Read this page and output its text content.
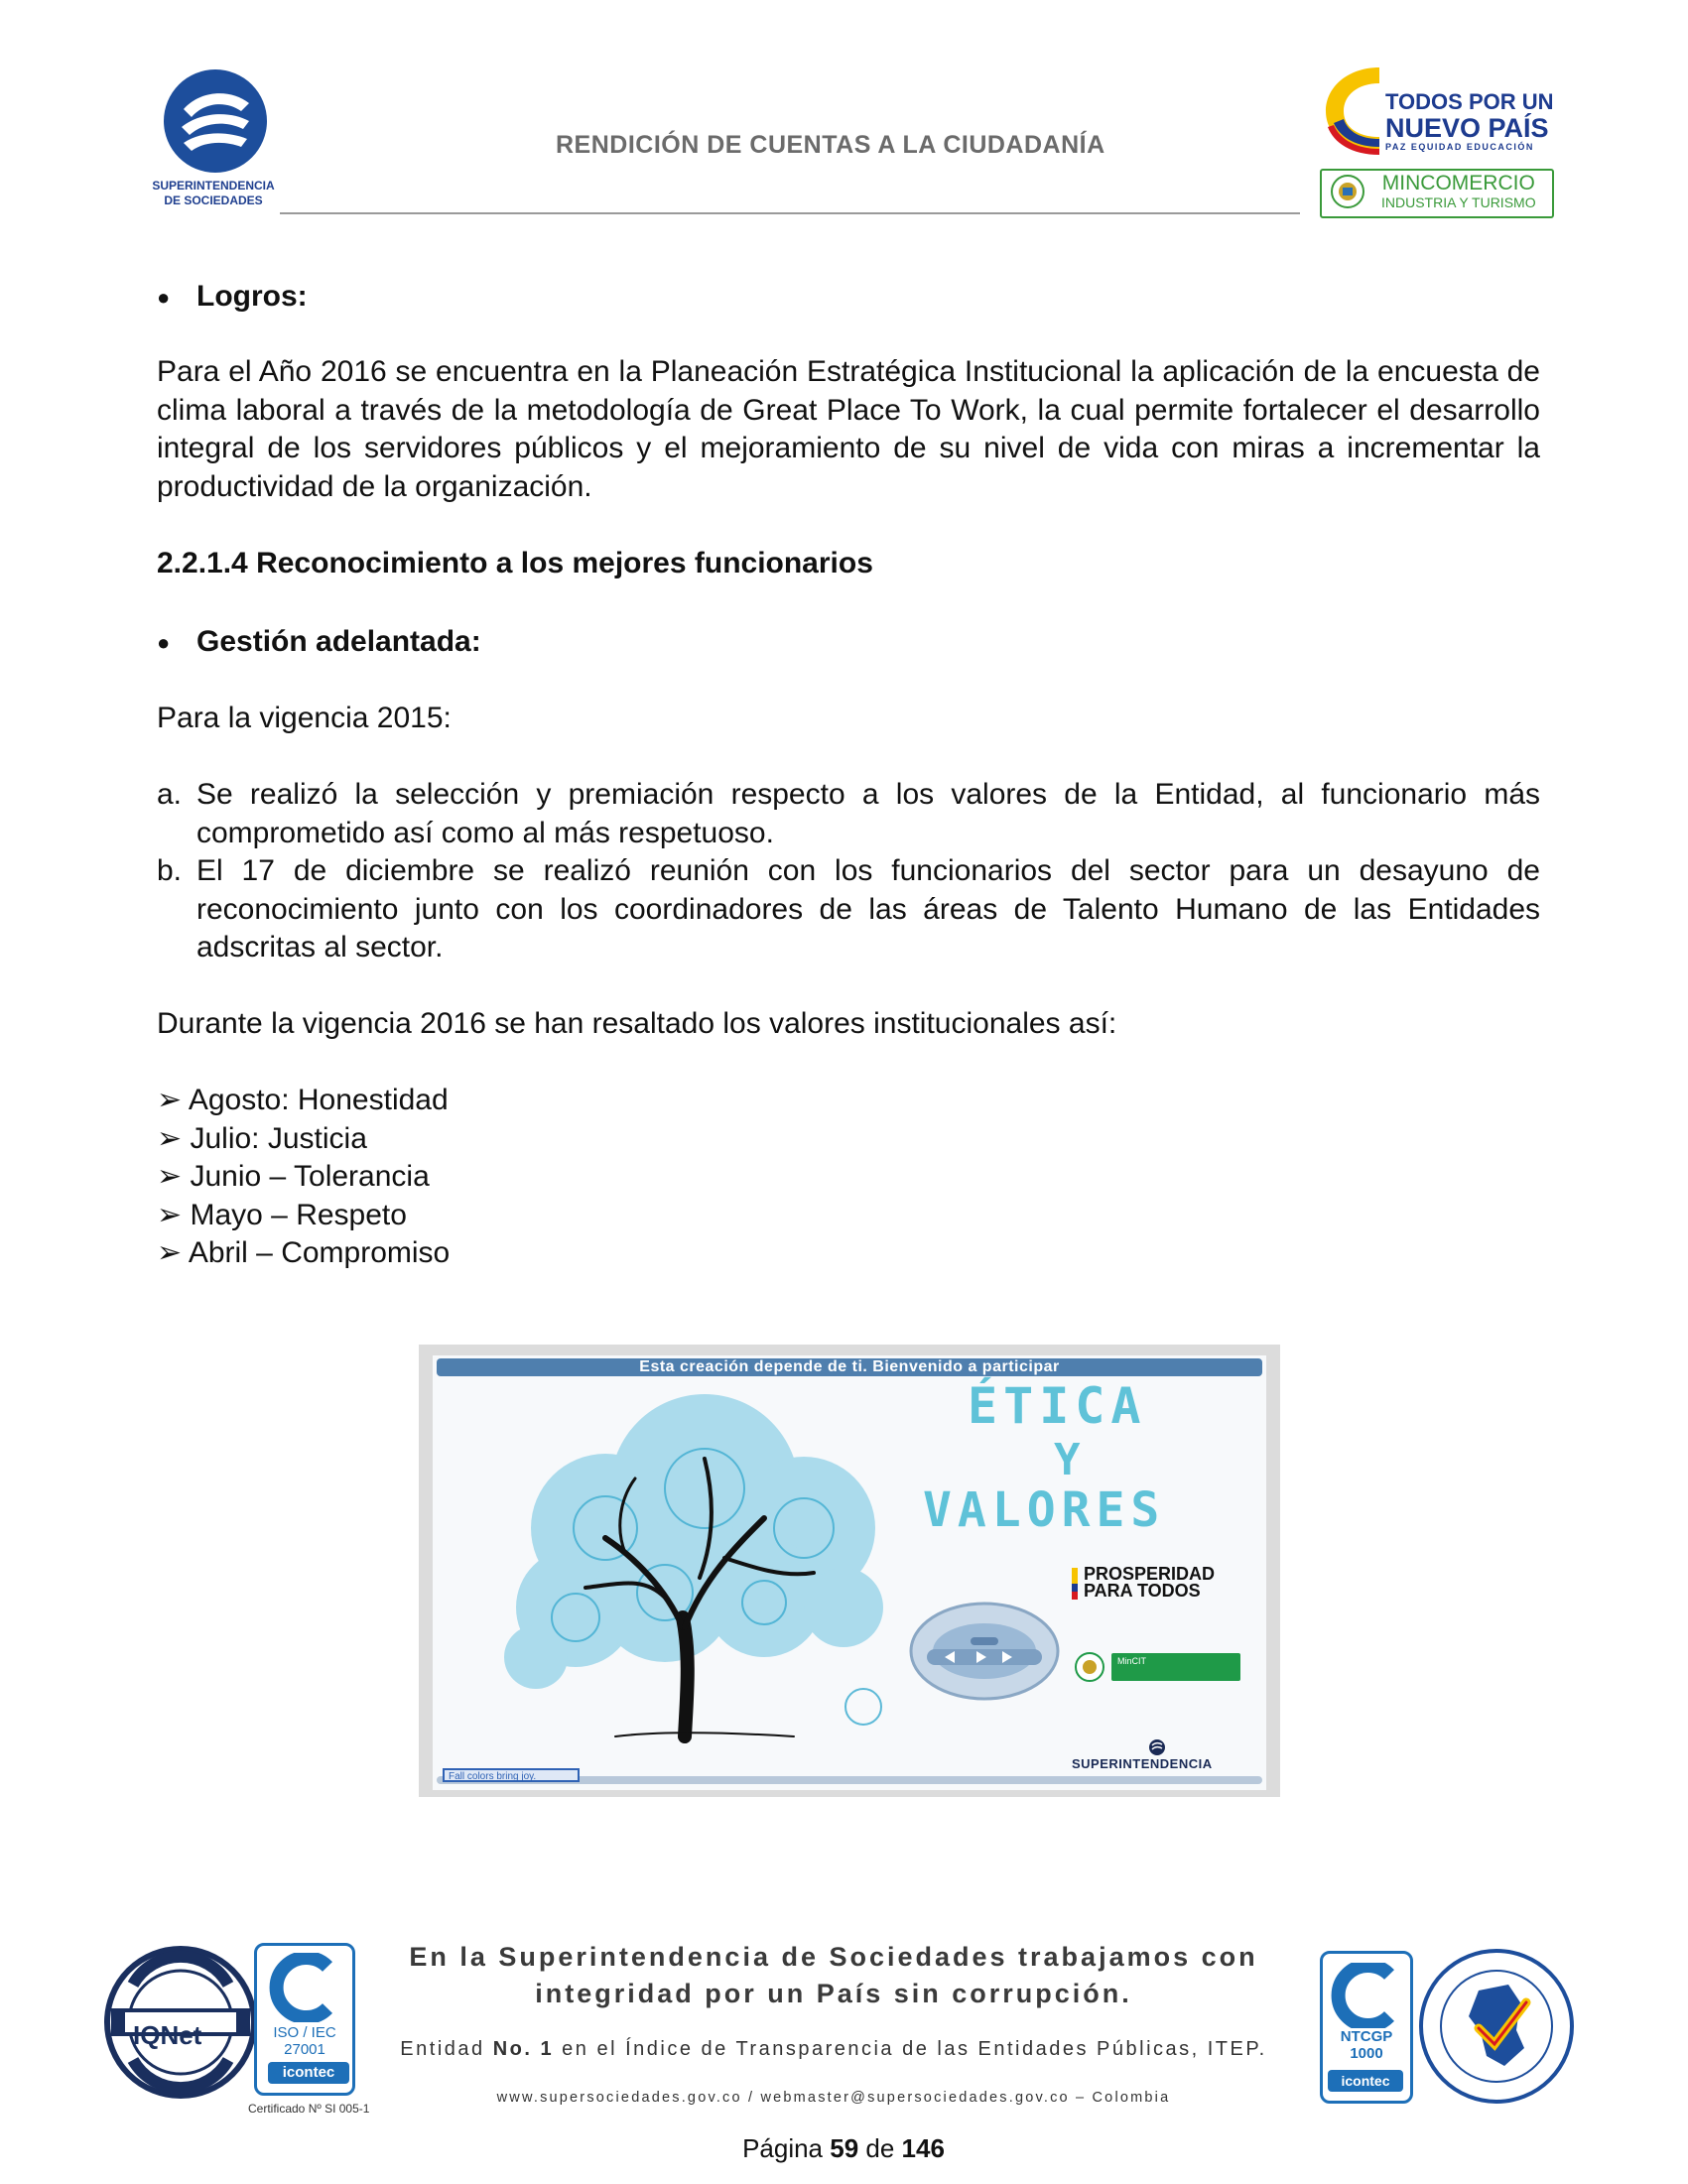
SUPERINTENDENCIA
DE SOCIEDADES
RENDICIÓN DE CUENTAS A LA CIUDADANÍA
TODOS POR UN
NUEVO PAÍS
PAZ EQUIDAD EDUCACIÓN
MINCOMERCIO
INDUSTRIA Y TURISMO
● Logros:
Para el Año 2016 se encuentra en la Planeación Estratégica Institucional la aplicación de la encuesta de clima laboral a través de la metodología de Great Place To Work, la cual permite fortalecer el desarrollo integral de los servidores públicos y el mejoramiento de su nivel de vida con miras a incrementar la productividad de la organización.
2.2.1.4 Reconocimiento a los mejores funcionarios
● Gestión adelantada:
Para la vigencia 2015:
a. Se realizó la selección y premiación respecto a los valores de la Entidad, al funcionario más comprometido así como al más respetuoso.
b. El 17 de diciembre se realizó reunión con los funcionarios del sector para un desayuno de reconocimiento junto con los coordinadores de las áreas de Talento Humano de las Entidades adscritas al sector.
Durante la vigencia 2016 se han resaltado los valores institucionales así:
➢ Agosto: Honestidad
➢ Julio: Justicia
➢ Junio – Tolerancia
➢ Mayo – Respeto
➢ Abril – Compromiso
Esta creación depende de ti. Bienvenido a participar
ÉTICA
Y
VALORES
PROSPERIDAD
PARA TODOS
MinCIT
SUPERINTENDENCIA
Fall colors bring joy.
IQNet	ISO / IEC
27001
icontec
Certificado Nº SI 005-1
En la Superintendencia de Sociedades trabajamos con
integridad por un País sin corrupción.
Entidad No. 1 en el Índice de Transparencia de las Entidades Públicas, ITEP.
www.supersociedades.gov.co / webmaster@supersociedades.gov.co – Colombia
Página 59 de 146
NTCGP
1000
icontec
